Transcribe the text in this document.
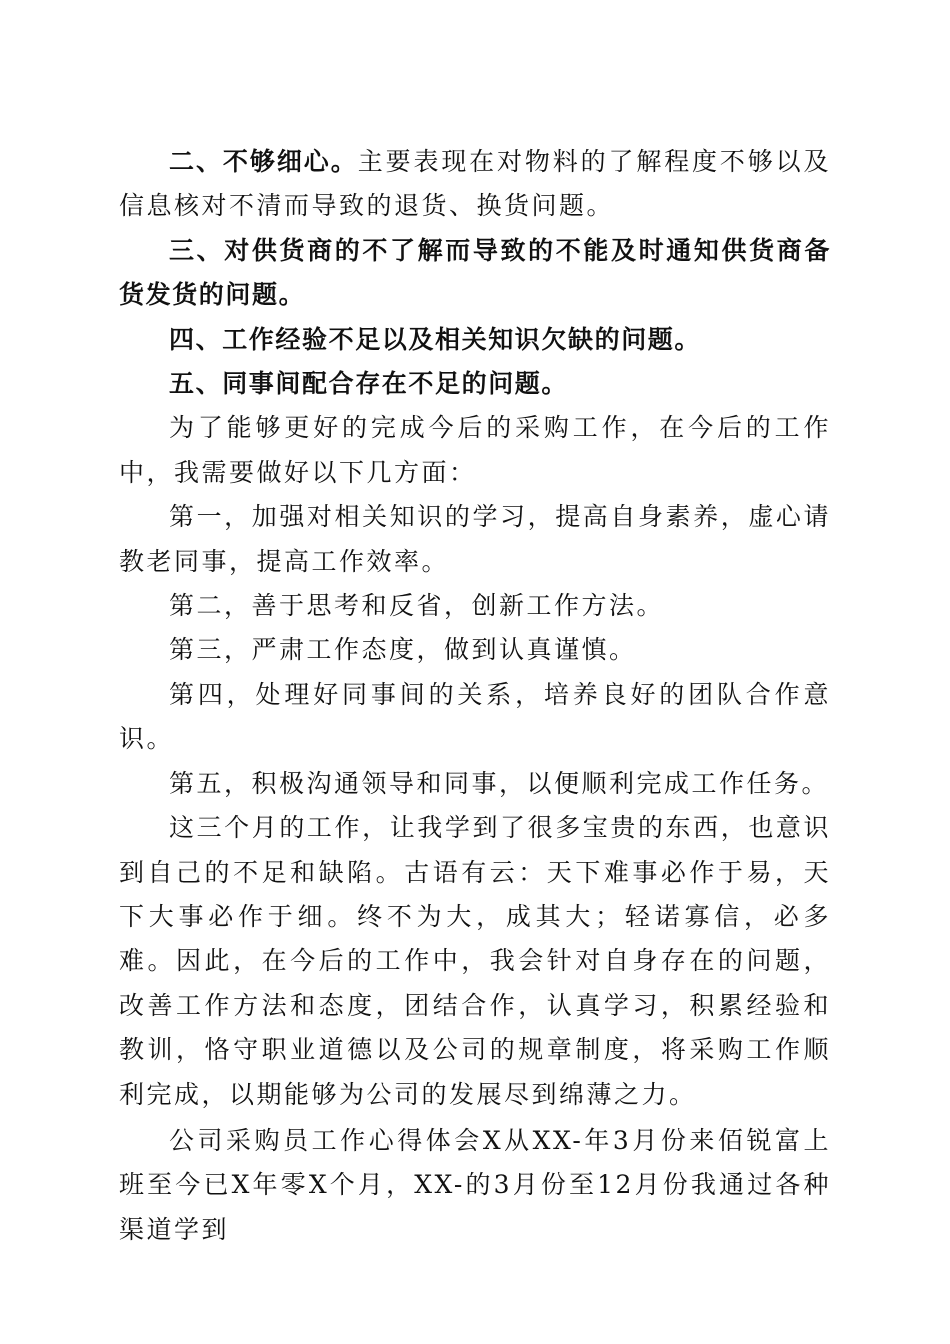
二、不够细心。主要表现在对物料的了解程度不够以及信息核对不清而导致的退货、换货问题。

三、对供货商的不了解而导致的不能及时通知供货商备货发货的问题。

四、工作经验不足以及相关知识欠缺的问题。

五、同事间配合存在不足的问题。

为了能够更好的完成今后的采购工作，在今后的工作中，我需要做好以下几方面：

第一，加强对相关知识的学习，提高自身素养，虚心请教老同事，提高工作效率。

第二，善于思考和反省，创新工作方法。

第三，严肃工作态度，做到认真谨慎。

第四，处理好同事间的关系，培养良好的团队合作意识。

第五，积极沟通领导和同事，以便顺利完成工作任务。

这三个月的工作，让我学到了很多宝贵的东西，也意识到自己的不足和缺陷。古语有云：天下难事必作于易，天下大事必作于细。终不为大，成其大；轻诺寡信，必多难。因此，在今后的工作中，我会针对自身存在的问题，改善工作方法和态度，团结合作，认真学习，积累经验和教训，恪守职业道德以及公司的规章制度，将采购工作顺利完成，以期能够为公司的发展尽到绵薄之力。

公司采购员工作心得体会X从XX-年3月份来佰锐富上班至今已X年零X个月，XX-的3月份至12月份我通过各种渠道学到
